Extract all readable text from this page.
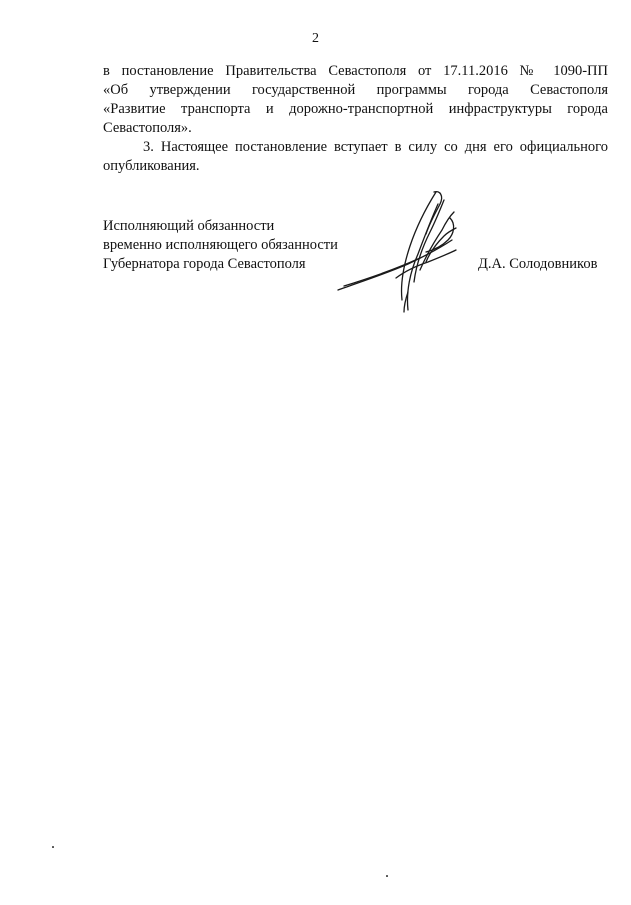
2

в постановление Правительства Севастополя от 17.11.2016 № 1090-ПП
«Об утверждении государственной программы города Севастополя
«Развитие транспорта и дорожно-транспортной инфраструктуры города
Севастополя».

3. Настоящее постановление вступает в силу со дня его официального
опубликования.

Исполняющий обязанности
временно исполняющего обязанности
Губернатора города Севастополя	Д.А. Солодовников
